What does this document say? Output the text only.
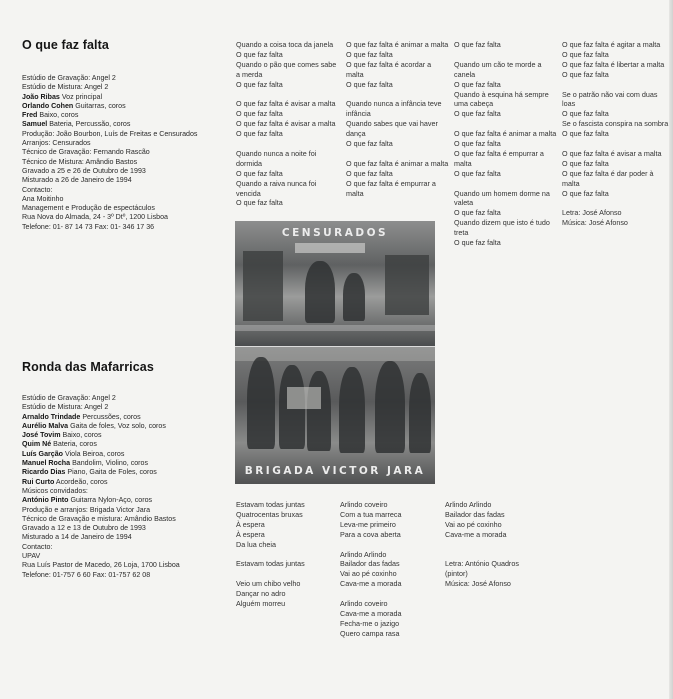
O que faz falta
Estúdio de Gravação: Angel 2
Estúdio de Mistura: Angel 2
João Ribas Voz principal
Orlando Cohen Guitarras, coros
Fred Baixo, coros
Samuel Bateria, Percussão, coros
Produção: João Bourbon, Luís de Freitas e Censurados
Arranjos: Censurados
Técnico de Gravação: Fernando Rascão
Técnico de Mistura: Amândio Bastos
Gravado a 25 e 26 de Outubro de 1993
Misturado a 26 de Janeiro de 1994
Contacto:
Ana Moitinho
Management e Produção de espectáculos
Rua Nova do Almada, 24 - 3º Dtº, 1200 Lisboa
Telefone: 01- 87 14 73 Fax: 01- 346 17 36
Ronda das Mafarricas
Estúdio de Gravação: Angel 2
Estúdio de Mistura: Angel 2
Arnaldo Trindade Percussões, coros
Aurélio Malva Gaita de foles, Voz solo, coros
José Tovim Baixo, coros
Quim Né Bateria, coros
Luís Garção Viola Beiroa, coros
Manuel Rocha Bandolim, Violino, coros
Ricardo Dias Piano, Gaita de Foles, coros
Rui Curto Acordeão, coros
Músicos convidados:
António Pinto Guitarra Nylon-Aço, coros
Produção e arranjos: Brigada Victor Jara
Técnico de Gravação e mistura: Amândio Bastos
Gravado a 12 e 13 de Outubro de 1993
Misturado a 14 de Janeiro de 1994
Contacto:
UPAV
Rua Luís Pastor de Macedo, 26 Loja, 1700 Lisboa
Telefone: 01-757 6 60 Fax: 01-757 62 08
Quando a coisa toca da janela
O que faz falta
Quando o pão que comes sabe
a merda
O que faz falta
O que faz falta é avisar a malta
O que faz falta
O que faz falta é avisar a malta
O que faz falta
Quando nunca a noite foi
dormida
O que faz falta
Quando a raiva nunca foi
vencida
O que faz falta
O que faz falta é animar a malta
O que faz falta
O que faz falta é acordar a
malta
O que faz falta
Quando nunca a infância teve
infância
Quando sabes que vai haver
dança
O que faz falta
O que faz falta é animar a malta
O que faz falta
O que faz falta é empurrar a
malta
O que faz falta
Quando um cão te morde a
canela
O que faz falta
Quando à esquina há sempre
uma cabeça
O que faz falta
O que faz falta é animar a malta
O que faz falta
O que faz falta é empurrar a
malta
O que faz falta
Quando um homem dorme na
valeta
O que faz falta
Quando dizem que isto é tudo
treta
O que faz falta
O que faz falta é agitar a malta
O que faz falta
O que faz falta é libertar a malta
O que faz falta
Se o patrão não vai com duas
loas
O que faz falta
Se o fascista conspira na sombra
O que faz falta
O que faz falta é avisar a malta
O que faz falta
O que faz falta é dar poder à
malta
O que faz falta
Letra: José Afonso
Música: José Afonso
CENSURADOS
BRIGADA VICTOR JARA
Estavam todas juntas
Quatrocentas bruxas
À espera
À espera
Da lua cheia
Estavam todas juntas
Veio um chibo velho
Dançar no adro
Alguém morreu
Arlindo coveiro
Com a tua marreca
Leva-me primeiro
Para a cova aberta
Arlindo Arlindo
Bailador das fadas
Vai ao pé coxinho
Cava-me a morada
Arlindo coveiro
Cava-me a morada
Fecha-me o jazigo
Quero campa rasa
Arlindo Arlindo
Bailador das fadas
Vai ao pé coxinho
Cava-me a morada
Letra: António Quadros
(pintor)
Música: José Afonso
